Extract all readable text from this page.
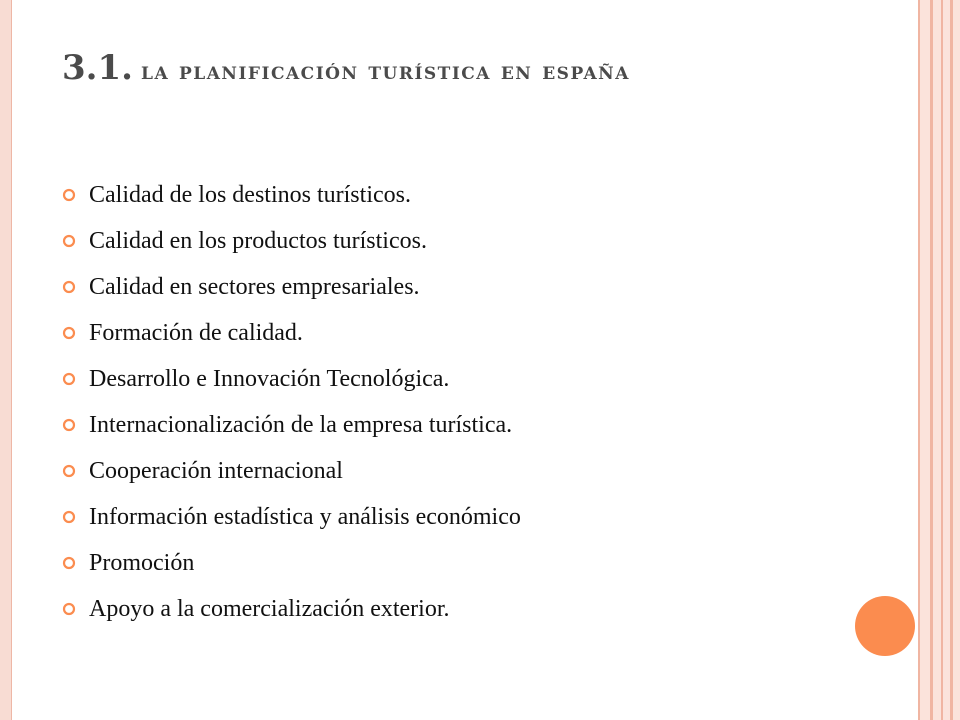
3.1. la planificación turística en españa
Calidad de los destinos turísticos.
Calidad en los productos turísticos.
Calidad en sectores empresariales.
Formación de calidad.
Desarrollo e Innovación Tecnológica.
Internacionalización de la empresa turística.
Cooperación internacional
Información estadística y análisis económico
Promoción
Apoyo a la comercialización exterior.
